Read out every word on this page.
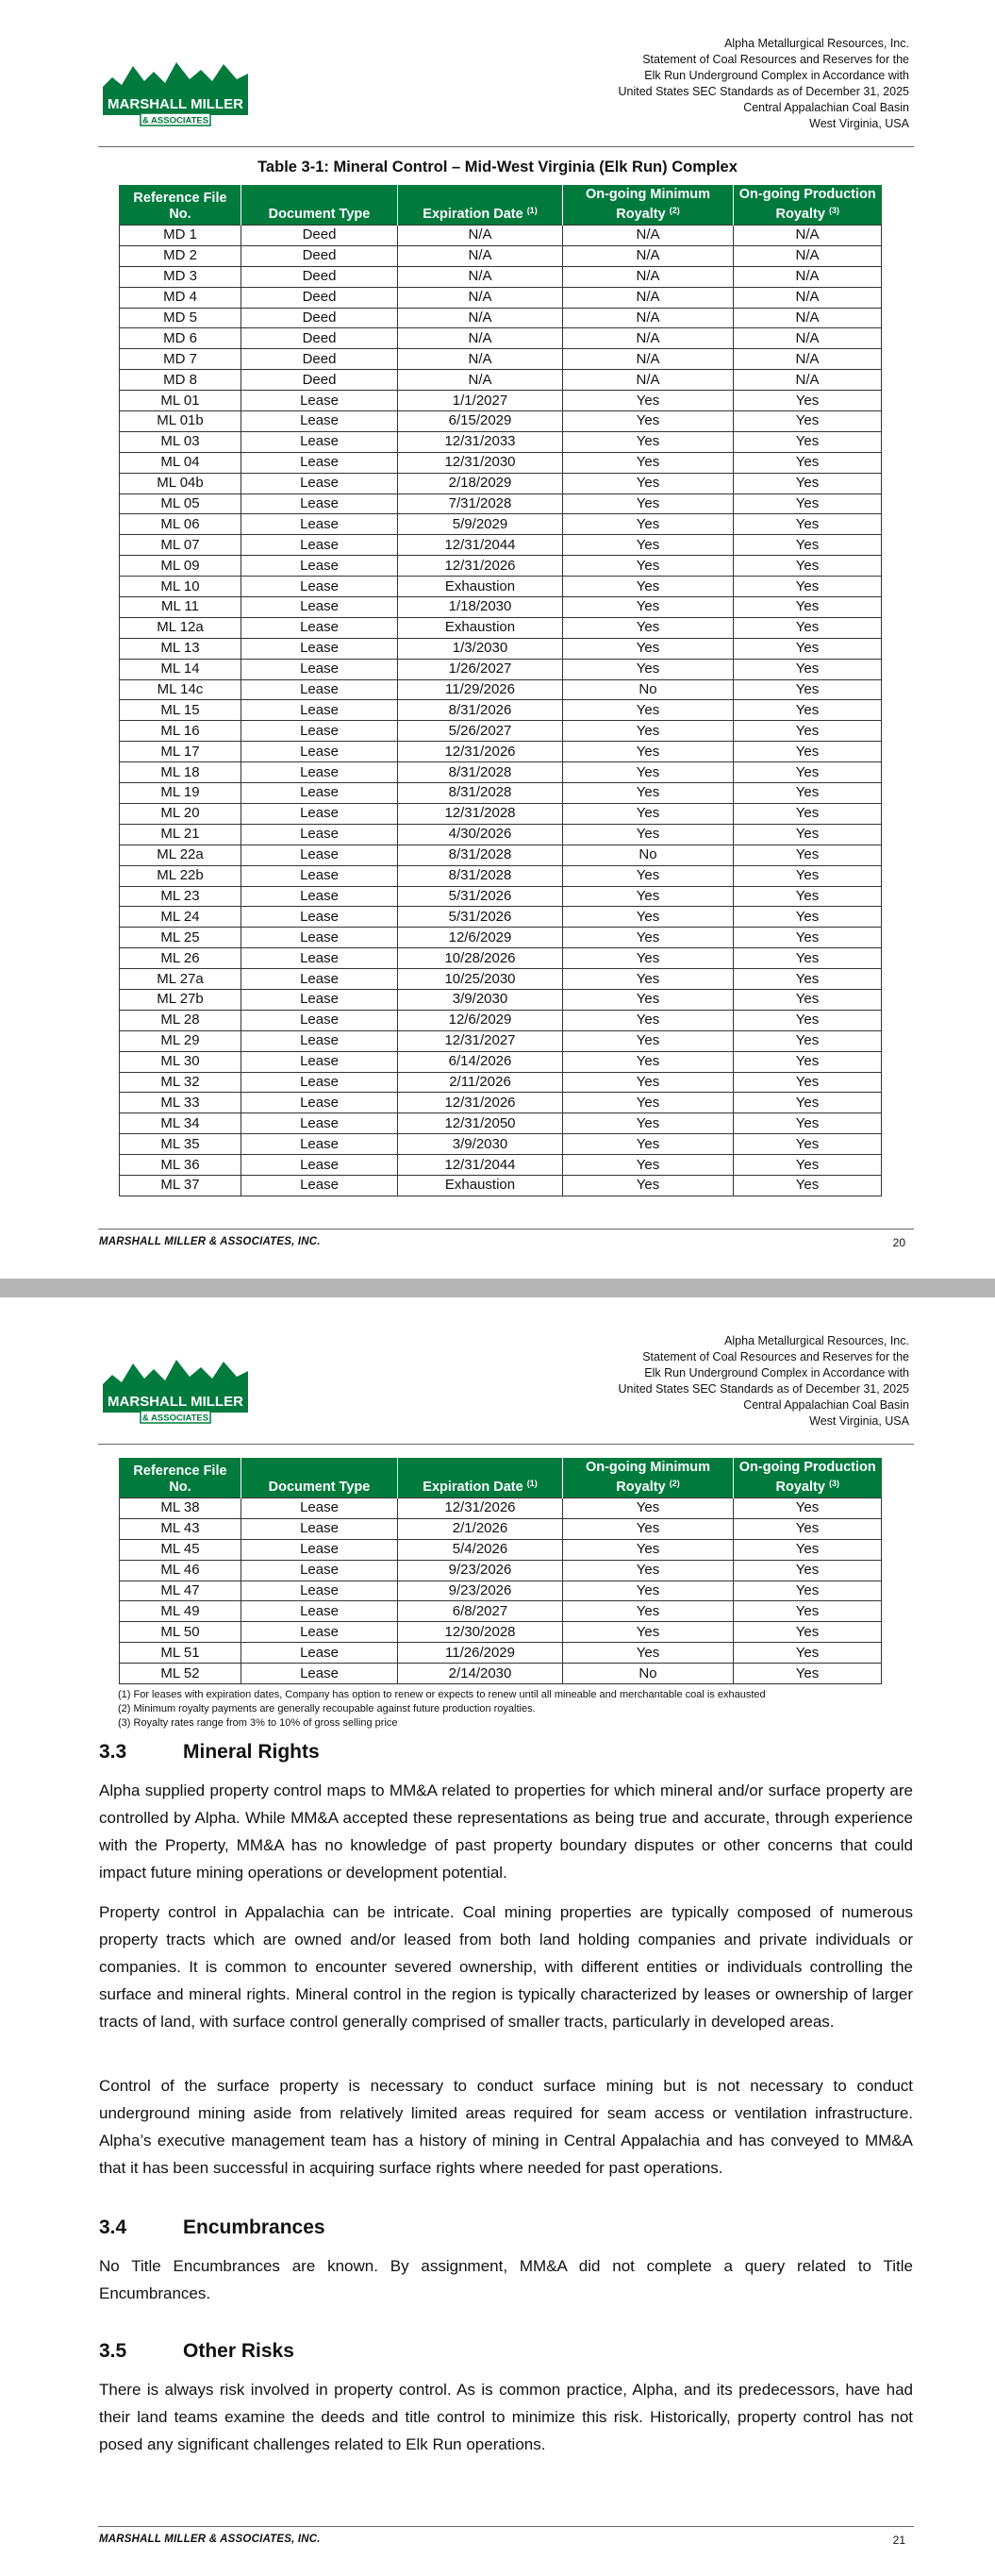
MARSHALL MILLER
& ASSOCIATES
Alpha Metallurgical Resources, Inc.
Statement of Coal Resources and Reserves for the
Elk Run Underground Complex in Accordance with
United States SEC Standards as of December 31, 2025
Central Appalachian Coal Basin
West Virginia, USA
Table 3-1: Mineral Control – Mid-West Virginia (Elk Run) Complex
Reference File No.	Document Type	Expiration Date $^{(1)}$	On-going Minimum Royalty $^{(2)}$	On-going Production Royalty $^{(3)}$
MD 1	Deed	N/A	N/A	N/A
MD 2	Deed	N/A	N/A	N/A
MD 3	Deed	N/A	N/A	N/A
MD 4	Deed	N/A	N/A	N/A
MD 5	Deed	N/A	N/A	N/A
MD 6	Deed	N/A	N/A	N/A
MD 7	Deed	N/A	N/A	N/A
MD 8	Deed	N/A	N/A	N/A
ML 01	Lease	1/1/2027	Yes	Yes
ML 01b	Lease	6/15/2029	Yes	Yes
ML 03	Lease	12/31/2033	Yes	Yes
ML 04	Lease	12/31/2030	Yes	Yes
ML 04b	Lease	2/18/2029	Yes	Yes
ML 05	Lease	7/31/2028	Yes	Yes
ML 06	Lease	5/9/2029	Yes	Yes
ML 07	Lease	12/31/2044	Yes	Yes
ML 09	Lease	12/31/2026	Yes	Yes
ML 10	Lease	Exhaustion	Yes	Yes
ML 11	Lease	1/18/2030	Yes	Yes
ML 12a	Lease	Exhaustion	Yes	Yes
ML 13	Lease	1/3/2030	Yes	Yes
ML 14	Lease	1/26/2027	Yes	Yes
ML 14c	Lease	11/29/2026	No	Yes
ML 15	Lease	8/31/2026	Yes	Yes
ML 16	Lease	5/26/2027	Yes	Yes
ML 17	Lease	12/31/2026	Yes	Yes
ML 18	Lease	8/31/2028	Yes	Yes
ML 19	Lease	8/31/2028	Yes	Yes
ML 20	Lease	12/31/2028	Yes	Yes
ML 21	Lease	4/30/2026	Yes	Yes
ML 22a	Lease	8/31/2028	No	Yes
ML 22b	Lease	8/31/2028	Yes	Yes
ML 23	Lease	5/31/2026	Yes	Yes
ML 24	Lease	5/31/2026	Yes	Yes
ML 25	Lease	12/6/2029	Yes	Yes
ML 26	Lease	10/28/2026	Yes	Yes
ML 27a	Lease	10/25/2030	Yes	Yes
ML 27b	Lease	3/9/2030	Yes	Yes
ML 28	Lease	12/6/2029	Yes	Yes
ML 29	Lease	12/31/2027	Yes	Yes
ML 30	Lease	6/14/2026	Yes	Yes
ML 32	Lease	2/11/2026	Yes	Yes
ML 33	Lease	12/31/2026	Yes	Yes
ML 34	Lease	12/31/2050	Yes	Yes
ML 35	Lease	3/9/2030	Yes	Yes
ML 36	Lease	12/31/2044	Yes	Yes
ML 37	Lease	Exhaustion	Yes	Yes
MARSHALL MILLER & ASSOCIATES, INC.	20
MARSHALL MILLER
& ASSOCIATES
Alpha Metallurgical Resources, Inc.
Statement of Coal Resources and Reserves for the
Elk Run Underground Complex in Accordance with
United States SEC Standards as of December 31, 2025
Central Appalachian Coal Basin
West Virginia, USA
Reference File No.	Document Type	Expiration Date $^{(1)}$	On-going Minimum Royalty $^{(2)}$	On-going Production Royalty $^{(3)}$
ML 38	Lease	12/31/2026	Yes	Yes
ML 43	Lease	2/1/2026	Yes	Yes
ML 45	Lease	5/4/2026	Yes	Yes
ML 46	Lease	9/23/2026	Yes	Yes
ML 47	Lease	9/23/2026	Yes	Yes
ML 49	Lease	6/8/2027	Yes	Yes
ML 50	Lease	12/30/2028	Yes	Yes
ML 51	Lease	11/26/2029	Yes	Yes
ML 52	Lease	2/14/2030	No	Yes
(1) For leases with expiration dates, Company has option to renew or expects to renew until all mineable and merchantable coal is exhausted
(2) Minimum royalty payments are generally recoupable against future production royalties.
(3) Royalty rates range from 3% to 10% of gross selling price
3.3	Mineral Rights
Alpha supplied property control maps to MM&A related to properties for which mineral and/or surface property are controlled by Alpha. While MM&A accepted these representations as being true and accurate, through experience with the Property, MM&A has no knowledge of past property boundary disputes or other concerns that could impact future mining operations or development potential.
Property control in Appalachia can be intricate. Coal mining properties are typically composed of numerous property tracts which are owned and/or leased from both land holding companies and private individuals or companies. It is common to encounter severed ownership, with different entities or individuals controlling the surface and mineral rights. Mineral control in the region is typically characterized by leases or ownership of larger tracts of land, with surface control generally comprised of smaller tracts, particularly in developed areas.
Control of the surface property is necessary to conduct surface mining but is not necessary to conduct underground mining aside from relatively limited areas required for seam access or ventilation infrastructure. Alpha’s executive management team has a history of mining in Central Appalachia and has conveyed to MM&A that it has been successful in acquiring surface rights where needed for past operations.
3.4	Encumbrances
No Title Encumbrances are known. By assignment, MM&A did not complete a query related to Title Encumbrances.
3.5	Other Risks
There is always risk involved in property control. As is common practice, Alpha, and its predecessors, have had their land teams examine the deeds and title control to minimize this risk. Historically, property control has not posed any significant challenges related to Elk Run operations.
MARSHALL MILLER & ASSOCIATES, INC.	21
